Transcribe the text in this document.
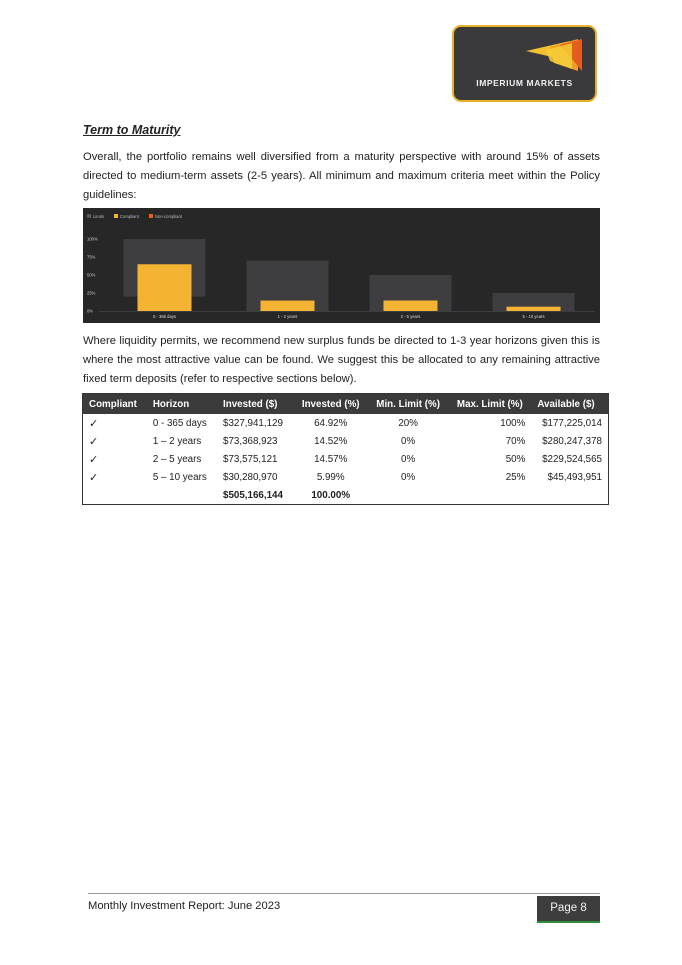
IMPERIUM MARKETS
Term to Maturity
Overall, the portfolio remains well diversified from a maturity perspective with around 15% of assets directed to medium-term assets (2-5 years). All minimum and maximum criteria meet within the Policy guidelines:
Limits	Compliant	Non-compliant
100%
75%
50%
25%
0%
0 - 365 days	1 - 2 years	2 - 5 years	5 - 10 years
Where liquidity permits, we recommend new surplus funds be directed to 1-3 year horizons given this is where the most attractive value can be found. We suggest this be allocated to any remaining attractive fixed term deposits (refer to respective sections below).
Compliant	Horizon	Invested ($)	Invested (%)	Min. Limit (%)	Max. Limit (%)	Available ($)
✓	0 - 365 days	$327,941,129	64.92%	20%	100%	$177,225,014
✓	1 – 2 years	$73,368,923	14.52%	0%	70%	$280,247,378
✓	2 – 5 years	$73,575,121	14.57%	0%	50%	$229,524,565
✓	5 – 10 years	$30,280,970	5.99%	0%	25%	$45,493,951
		$505,166,144	100.00%			
Monthly Investment Report: June 2023	Page 8
